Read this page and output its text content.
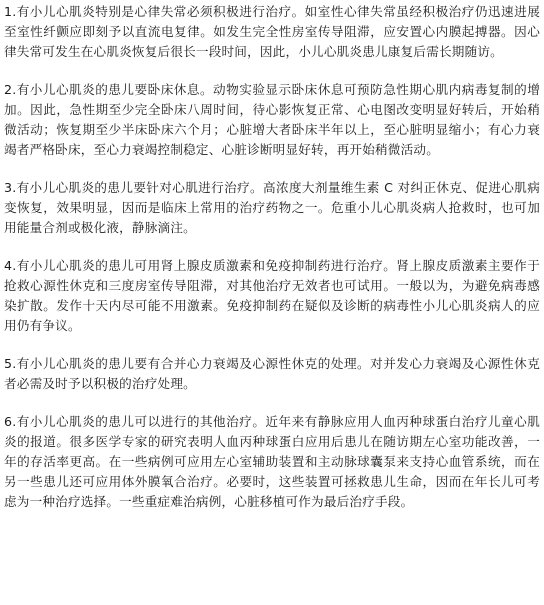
1.有小儿心肌炎特别是心律失常必须积极进行治疗。如室性心律失常虽经积极治疗仍迅速进展至室性纤颤应即刻予以直流电复律。如发生完全性房室传导阻滞，应安置心内膜起搏器。因心律失常可发生在心肌炎恢复后很长一段时间，因此，小儿心肌炎患儿康复后需长期随访。

2.有小儿心肌炎的患儿要卧床休息。动物实验显示卧床休息可预防急性期心肌内病毒复制的增加。因此，急性期至少完全卧床八周时间，待心影恢复正常、心电图改变明显好转后，开始稍微活动；恢复期至少半床卧床六个月；心脏增大者卧床半年以上，至心脏明显缩小；有心力衰竭者严格卧床，至心力衰竭控制稳定、心脏诊断明显好转，再开始稍微活动。

3.有小儿心肌炎的患儿要针对心肌进行治疗。高浓度大剂量维生素 C 对纠正休克、促进心肌病变恢复，效果明显，因而是临床上常用的治疗药物之一。危重小儿心肌炎病人抢救时，也可加用能量合剂或极化液，静脉滴注。

4.有小儿心肌炎的患儿可用肾上腺皮质激素和免疫抑制药进行治疗。肾上腺皮质激素主要作于抢救心源性休克和三度房室传导阻滞，对其他治疗无效者也可试用。一般以为，为避免病毒感染扩散。发作十天内尽可能不用激素。免疫抑制药在疑似及诊断的病毒性小儿心肌炎病人的应用仍有争议。

5.有小儿心肌炎的患儿要有合并心力衰竭及心源性休克的处理。对并发心力衰竭及心源性休克者必需及时予以积极的治疗处理。

6.有小儿心肌炎的患儿可以进行的其他治疗。近年来有静脉应用人血丙种球蛋白治疗儿童心肌炎的报道。很多医学专家的研究表明人血丙种球蛋白应用后患儿在随访期左心室功能改善，一年的存活率更高。在一些病例可应用左心室辅助装置和主动脉球囊泵来支持心血管系统，而在另一些患儿还可应用体外膜氧合治疗。必要时，这些装置可拯救患儿生命，因而在年长儿可考虑为一种治疗选择。一些重症难治病例，心脏移植可作为最后治疗手段。
